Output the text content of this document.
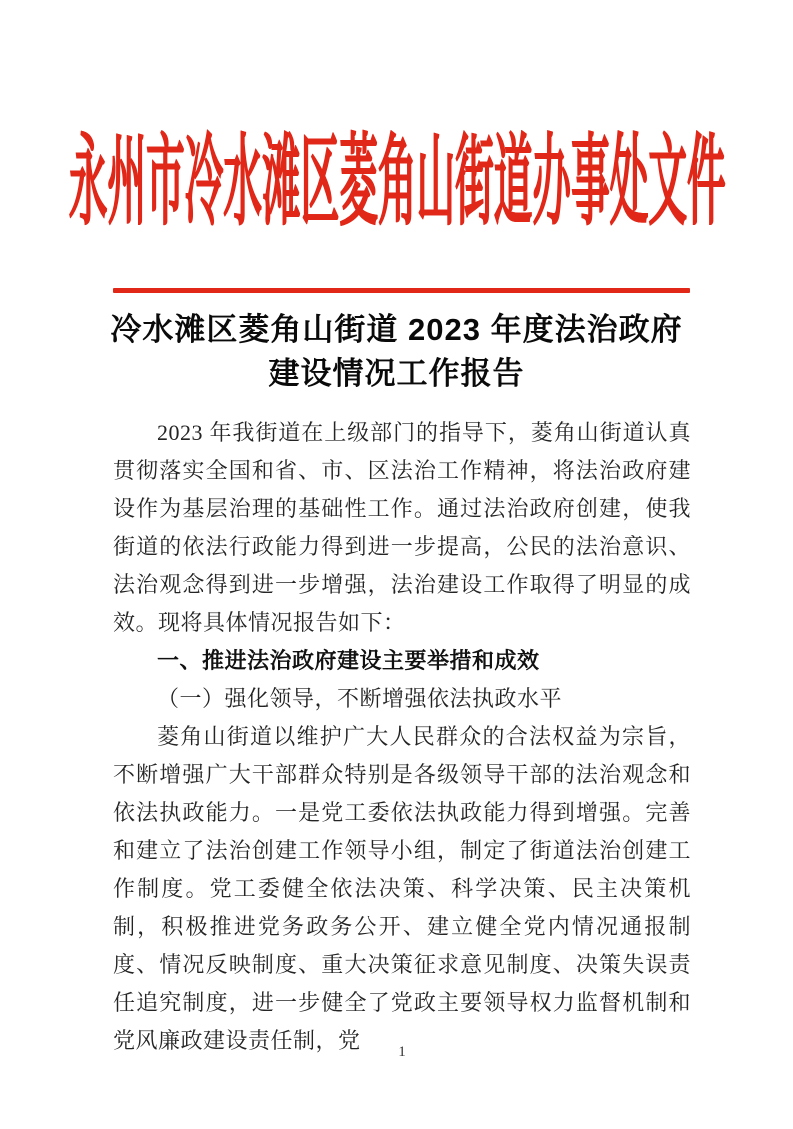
永州市冷水滩区菱角山街道办事处文件
冷水滩区菱角山街道 2023 年度法治政府
建设情况工作报告

2023 年我街道在上级部门的指导下，菱角山街道认真贯彻落实全国和省、市、区法治工作精神，将法治政府建设作为基层治理的基础性工作。通过法治政府创建，使我街道的依法行政能力得到进一步提高，公民的法治意识、法治观念得到进一步增强，法治建设工作取得了明显的成效。现将具体情况报告如下：

一、推进法治政府建设主要举措和成效
（一）强化领导，不断增强依法执政水平

菱角山街道以维护广大人民群众的合法权益为宗旨，不断增强广大干部群众特别是各级领导干部的法治观念和依法执政能力。一是党工委依法执政能力得到增强。完善和建立了法治创建工作领导小组，制定了街道法治创建工作制度。党工委健全依法决策、科学决策、民主决策机制，积极推进党务政务公开、建立健全党内情况通报制度、情况反映制度、重大决策征求意见制度、决策失误责任追究制度，进一步健全了党政主要领导权力监督机制和党风廉政建设责任制，党	1
